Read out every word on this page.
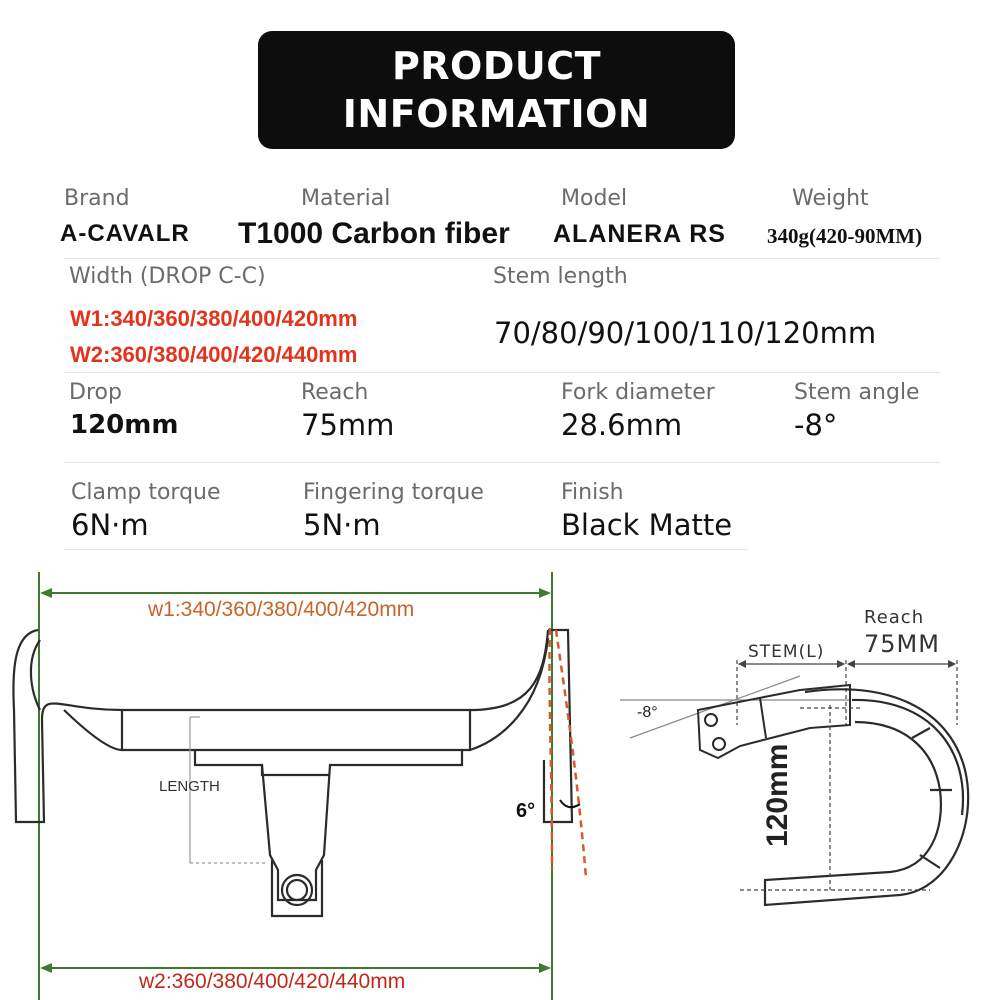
PRODUCT
INFORMATION
Brand
A-CAVALR
Material
T1000 Carbon fiber
Model
ALANERA RS
Weight
340g(420-90MM)
Width (DROP C-C)
W1:340/360/380/400/420mm
W2:360/380/400/420/440mm
Stem length
70/80/90/100/110/120mm
Drop
120mm
Reach
75mm
Fork diameter
28.6mm
Stem angle
-8°
Clamp torque
6N·m
Fingering torque
5N·m
Finish
Black Matte
w1:340/360/380/400/420mm
w2:360/380/400/420/440mm
LENGTH
6°
Reach
75MM
STEM(L)
-8°
120mm
